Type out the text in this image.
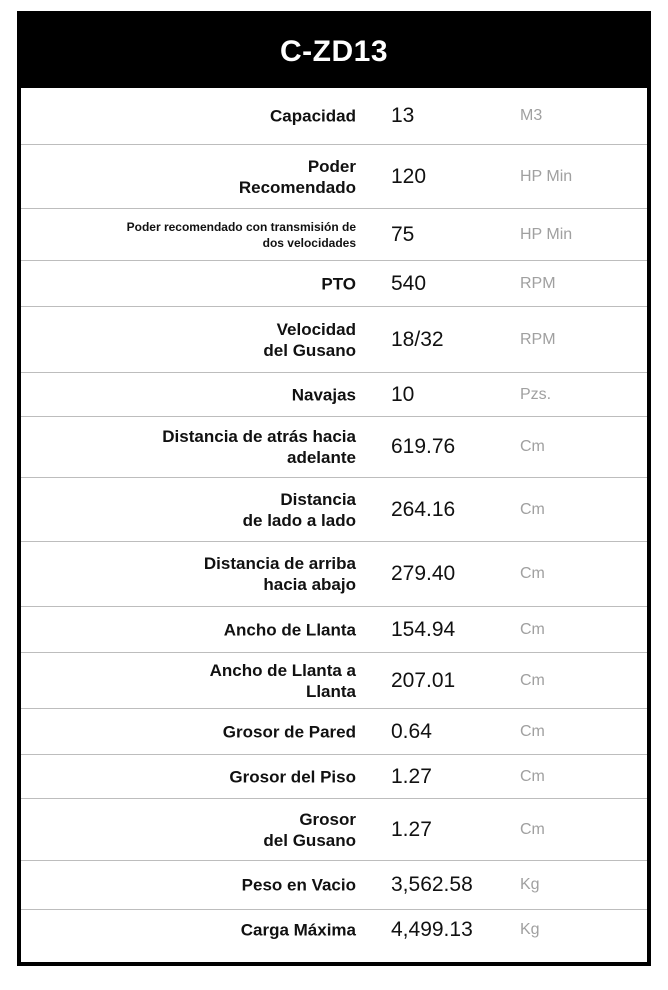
C-ZD13
Capacidad 13	M3
Poder
Recomendado 120	HP Min
Poder recomendado con transmisión de
dos velocidades 75	HP Min
PTO 540	RPM
Velocidad
del Gusano 18/32	RPM
Navajas 10	Pzs.
Distancia de atrás hacia
adelante 619.76	Cm
Distancia
de lado a lado 264.16	Cm
Distancia de arriba
hacia abajo 279.40	Cm
Ancho de Llanta 154.94	Cm
Ancho de Llanta a
Llanta 207.01	Cm
Grosor de Pared 0.64	Cm
Grosor del Piso 1.27	Cm
Grosor
del Gusano 1.27	Cm
Peso en Vacio 3,562.58	Kg
Carga Máxima 4,499.13	Kg
